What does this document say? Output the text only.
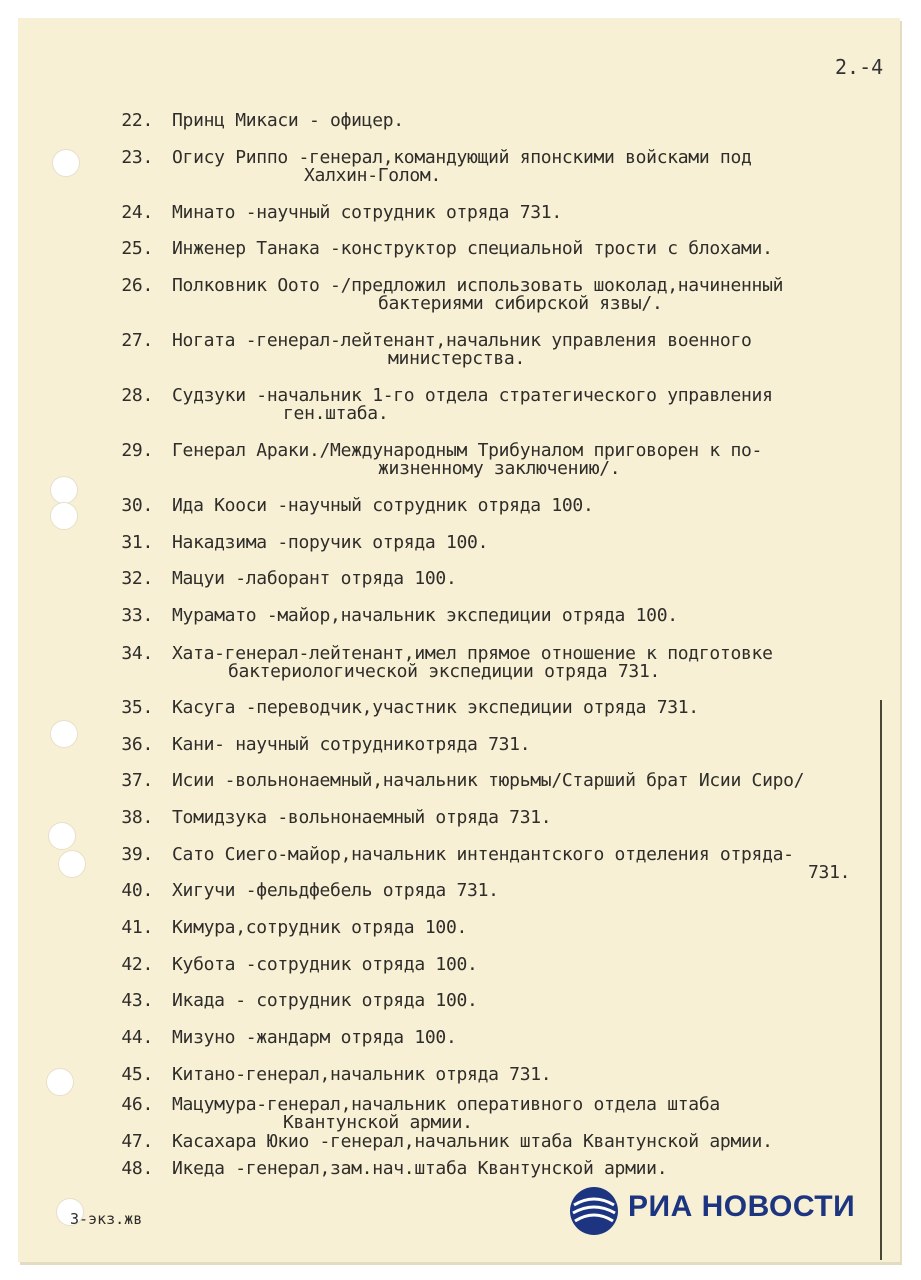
2.-4
22. Принц Микаси - офицер.
23. Огису Риппо -генерал,командующий японскими войсками под
Халхин-Голом.
24. Минато -научный сотрудник отряда 731.
25. Инженер Танака -конструктор специальной трости с блохами.
26. Полковник Оото -/предложил использовать шоколад,начиненный
бактериями сибирской язвы/.
27. Ногата -генерал-лейтенант,начальник управления военного
министерства.
28. Судзуки -начальник 1-го отдела стратегического управления
ген.штаба.
29. Генерал Араки./Международным Трибуналом приговорен к по-
жизненному заключению/.
30. Ида Кооси -научный сотрудник отряда 100.
31. Накадзима -поручик отряда 100.
32. Мацуи -лаборант отряда 100.
33. Мурамато -майор,начальник экспедиции отряда 100.
34. Хата-генерал-лейтенант,имел прямое отношение к подготовке
бактериологической экспедиции отряда 731.
35. Касуга -переводчик,участник экспедиции отряда 731.
36. Кани- научный сотрудникотряда 731.
37. Исии -вольнонаемный,начальник тюрьмы/Старший брат Исии Сиро/
38. Томидзука -вольнонаемный отряда 731.
39. Сато Сиего-майор,начальник интендантского отделения отряда-
731.
40. Хигучи -фельдфебель отряда 731.
41. Кимура,сотрудник отряда 100.
42. Кубота -сотрудник отряда 100.
43. Икада - сотрудник отряда 100.
44. Мизуно -жандарм отряда 100.
45. Китано-генерал,начальник отряда 731.
46. Мацумура-генерал,начальник оперативного отдела штаба
Квантунской армии.
47. Касахара Юкио -генерал,начальник штаба Квантунской армии.
48. Икеда -генерал,зам.нач.штаба Квантунской армии.
3-экз.жв	РИА НОВОСТИ
